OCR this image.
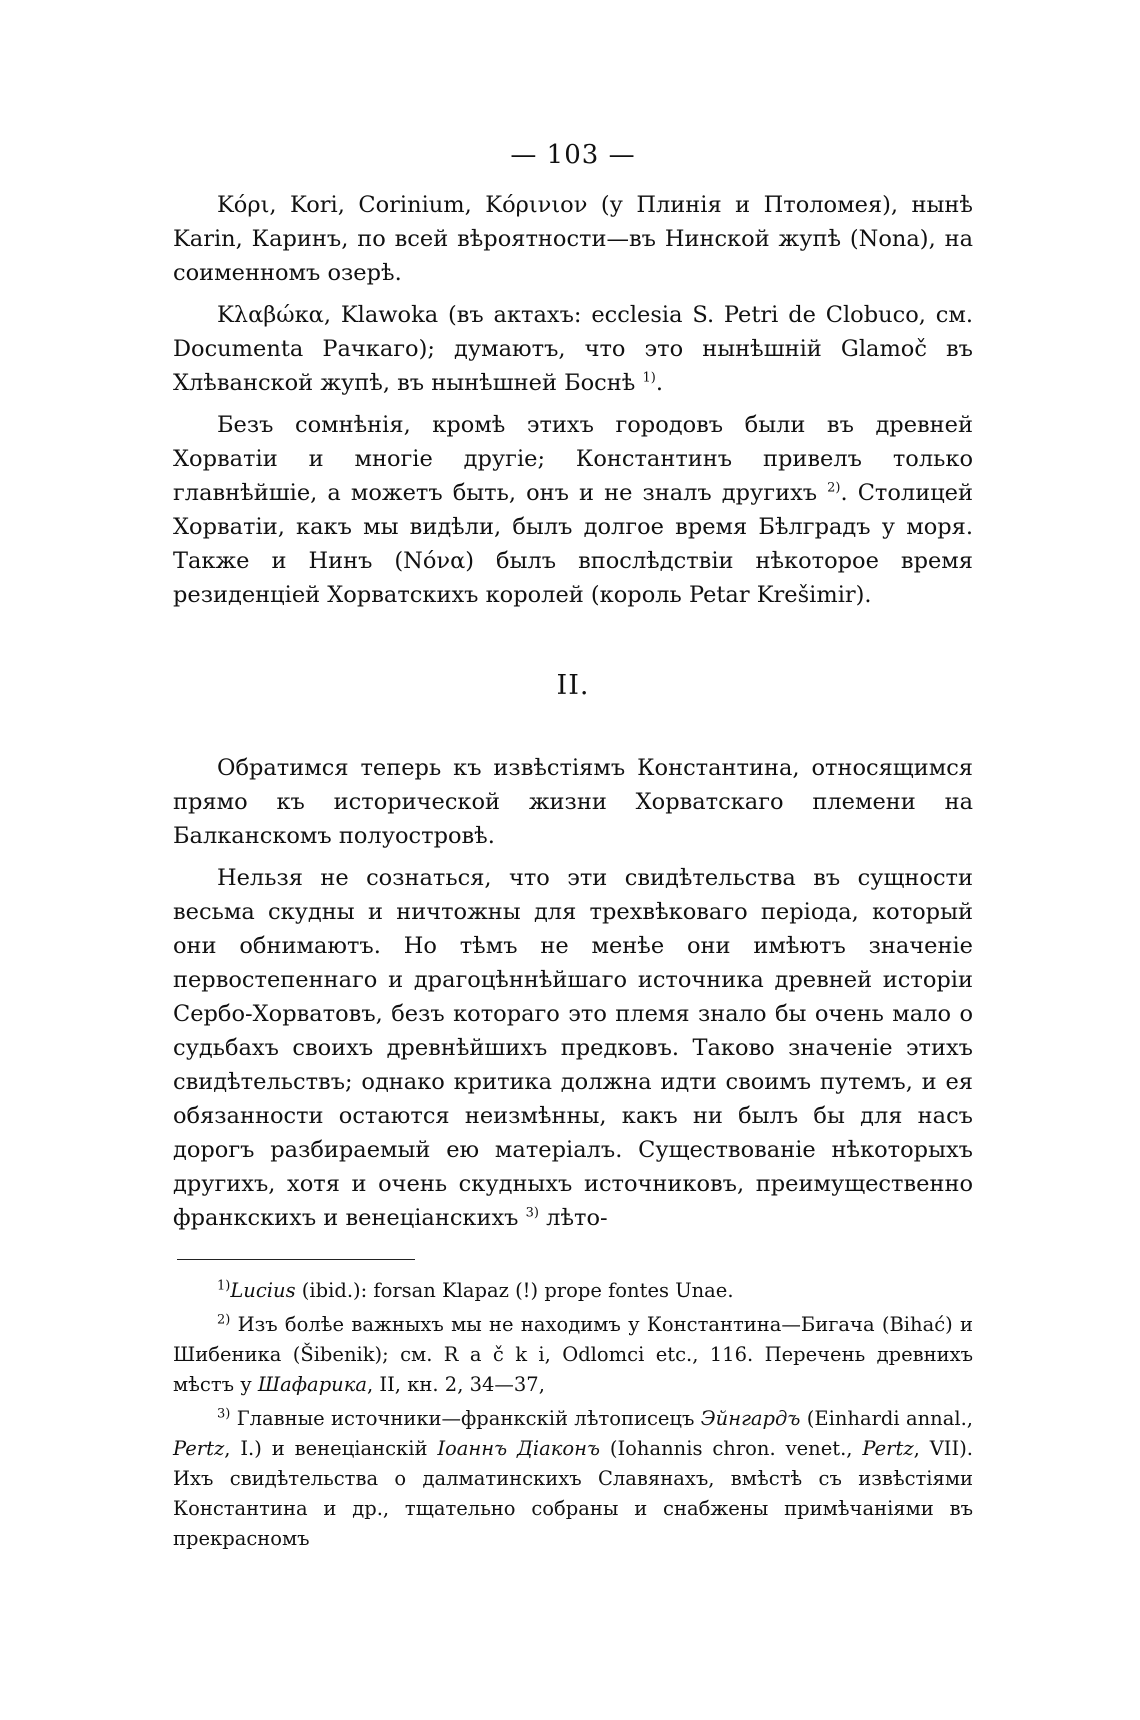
— 103 —

Κόρι, Kori, Corinium, Κόρινιον (у Плинія и Птоломея), нынѣ Karin, Каринъ, по всей вѣроятности—въ Нинской жупѣ (Nona), на соименномъ озерѣ.

Κλαβώκα, Klawoka (въ актахъ: ecclesia S. Petri de Clobuco, см. Documenta Рачкаго); думаютъ, что это нынѣшній Glamoč въ Хлѣванской жупѣ, въ нынѣшней Боснѣ $^{1)}$.

Безъ сомнѣнія, кромѣ этихъ городовъ были въ древней Хорватіи и многіе другіе; Константинъ привелъ только главнѣйшіе, а можетъ быть, онъ и не зналъ другихъ $^{2)}$. Столицей Хорватіи, какъ мы видѣли, былъ долгое время Бѣлградъ у моря. Также и Нинъ (Νόνα) былъ впослѣдствіи нѣкоторое время резиденціей Хорватскихъ королей (король Petar Krešimir).

II.

Обратимся теперь къ извѣстіямъ Константина, относящимся прямо къ исторической жизни Хорватскаго племени на Балканскомъ полуостровѣ.

Нельзя не сознаться, что эти свидѣтельства въ сущности весьма скудны и ничтожны для трехвѣковаго періода, который они обнимаютъ. Но тѣмъ не менѣе они имѣютъ значеніе первостепеннаго и драгоцѣннѣйшаго источника древней исторіи Сербо-Хорватовъ, безъ котораго это племя знало бы очень мало о судьбахъ своихъ древнѣйшихъ предковъ. Таково значеніе этихъ свидѣтельствъ; однако критика должна идти своимъ путемъ, и ея обязанности остаются неизмѣнны, какъ ни былъ бы для насъ дорогъ разбираемый ею матеріалъ. Существованіе нѣкоторыхъ другихъ, хотя и очень скудныхъ источниковъ, преимущественно франкскихъ и венеціанскихъ $^{3)}$ лѣто-

$^{1)}$Lucius (ibid.): forsan Klapaz (!) prope fontes Unae.

$^{2)}$ Изъ болѣе важныхъ мы не находимъ у Константина—Бигача (Bihać) и Шибеника (Šibenik); см. R a č k i, Odlomci etc., 116. Перечень древнихъ мѣстъ у Шафарика, II, кн. 2, 34—37,

$^{3)}$ Главные источники—франкскій лѣтописецъ Эйнгардъ (Einhardi annal., Pertz, I.) и венеціанскій Іоаннъ Діаконъ (Iohannis chron. venet., Pertz, VII). Ихъ свидѣтельства о далматинскихъ Славянахъ, вмѣстѣ съ извѣстіями Константина и др., тщательно собраны и снабжены примѣчаніями въ прекрасномъ
